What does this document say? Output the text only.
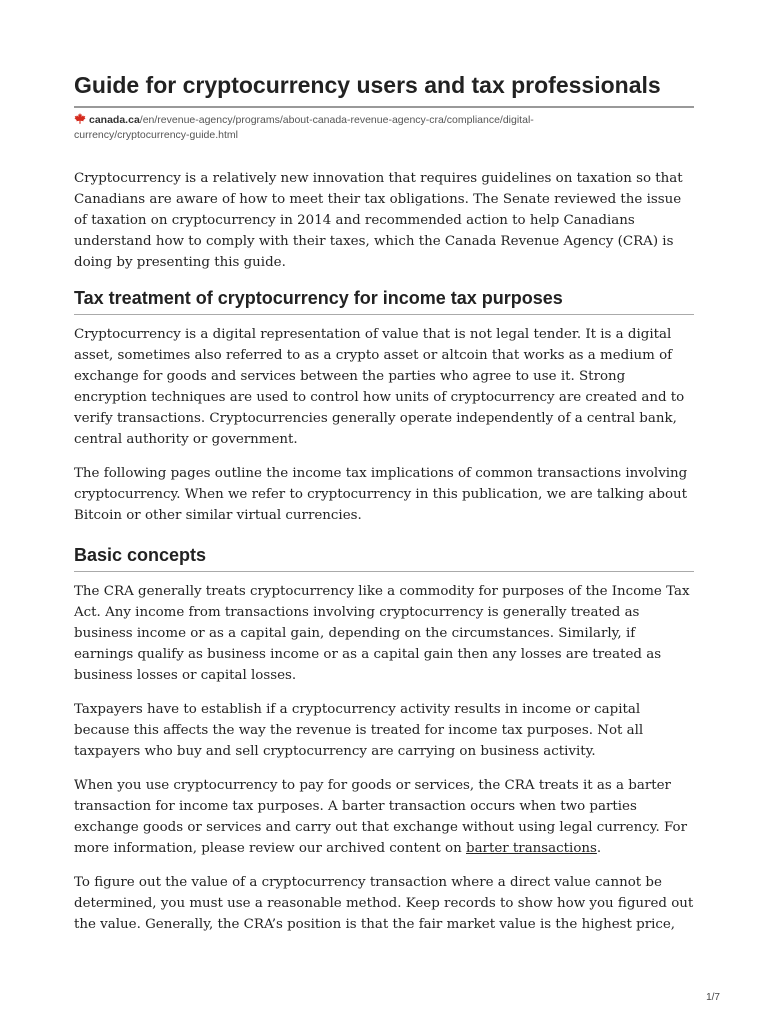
Guide for cryptocurrency users and tax professionals
canada.ca/en/revenue-agency/programs/about-canada-revenue-agency-cra/compliance/digital-currency/cryptocurrency-guide.html

Cryptocurrency is a relatively new innovation that requires guidelines on taxation so that Canadians are aware of how to meet their tax obligations. The Senate reviewed the issue of taxation on cryptocurrency in 2014 and recommended action to help Canadians understand how to comply with their taxes, which the Canada Revenue Agency (CRA) is doing by presenting this guide.

Tax treatment of cryptocurrency for income tax purposes

Cryptocurrency is a digital representation of value that is not legal tender. It is a digital asset, sometimes also referred to as a crypto asset or altcoin that works as a medium of exchange for goods and services between the parties who agree to use it. Strong encryption techniques are used to control how units of cryptocurrency are created and to verify transactions. Cryptocurrencies generally operate independently of a central bank, central authority or government.

The following pages outline the income tax implications of common transactions involving cryptocurrency. When we refer to cryptocurrency in this publication, we are talking about Bitcoin or other similar virtual currencies.

Basic concepts

The CRA generally treats cryptocurrency like a commodity for purposes of the Income Tax Act. Any income from transactions involving cryptocurrency is generally treated as business income or as a capital gain, depending on the circumstances. Similarly, if earnings qualify as business income or as a capital gain then any losses are treated as business losses or capital losses.

Taxpayers have to establish if a cryptocurrency activity results in income or capital because this affects the way the revenue is treated for income tax purposes. Not all taxpayers who buy and sell cryptocurrency are carrying on business activity.

When you use cryptocurrency to pay for goods or services, the CRA treats it as a barter transaction for income tax purposes. A barter transaction occurs when two parties exchange goods or services and carry out that exchange without using legal currency. For more information, please review our archived content on barter transactions.

To figure out the value of a cryptocurrency transaction where a direct value cannot be determined, you must use a reasonable method. Keep records to show how you figured out the value. Generally, the CRA’s position is that the fair market value is the highest price,

1/7
